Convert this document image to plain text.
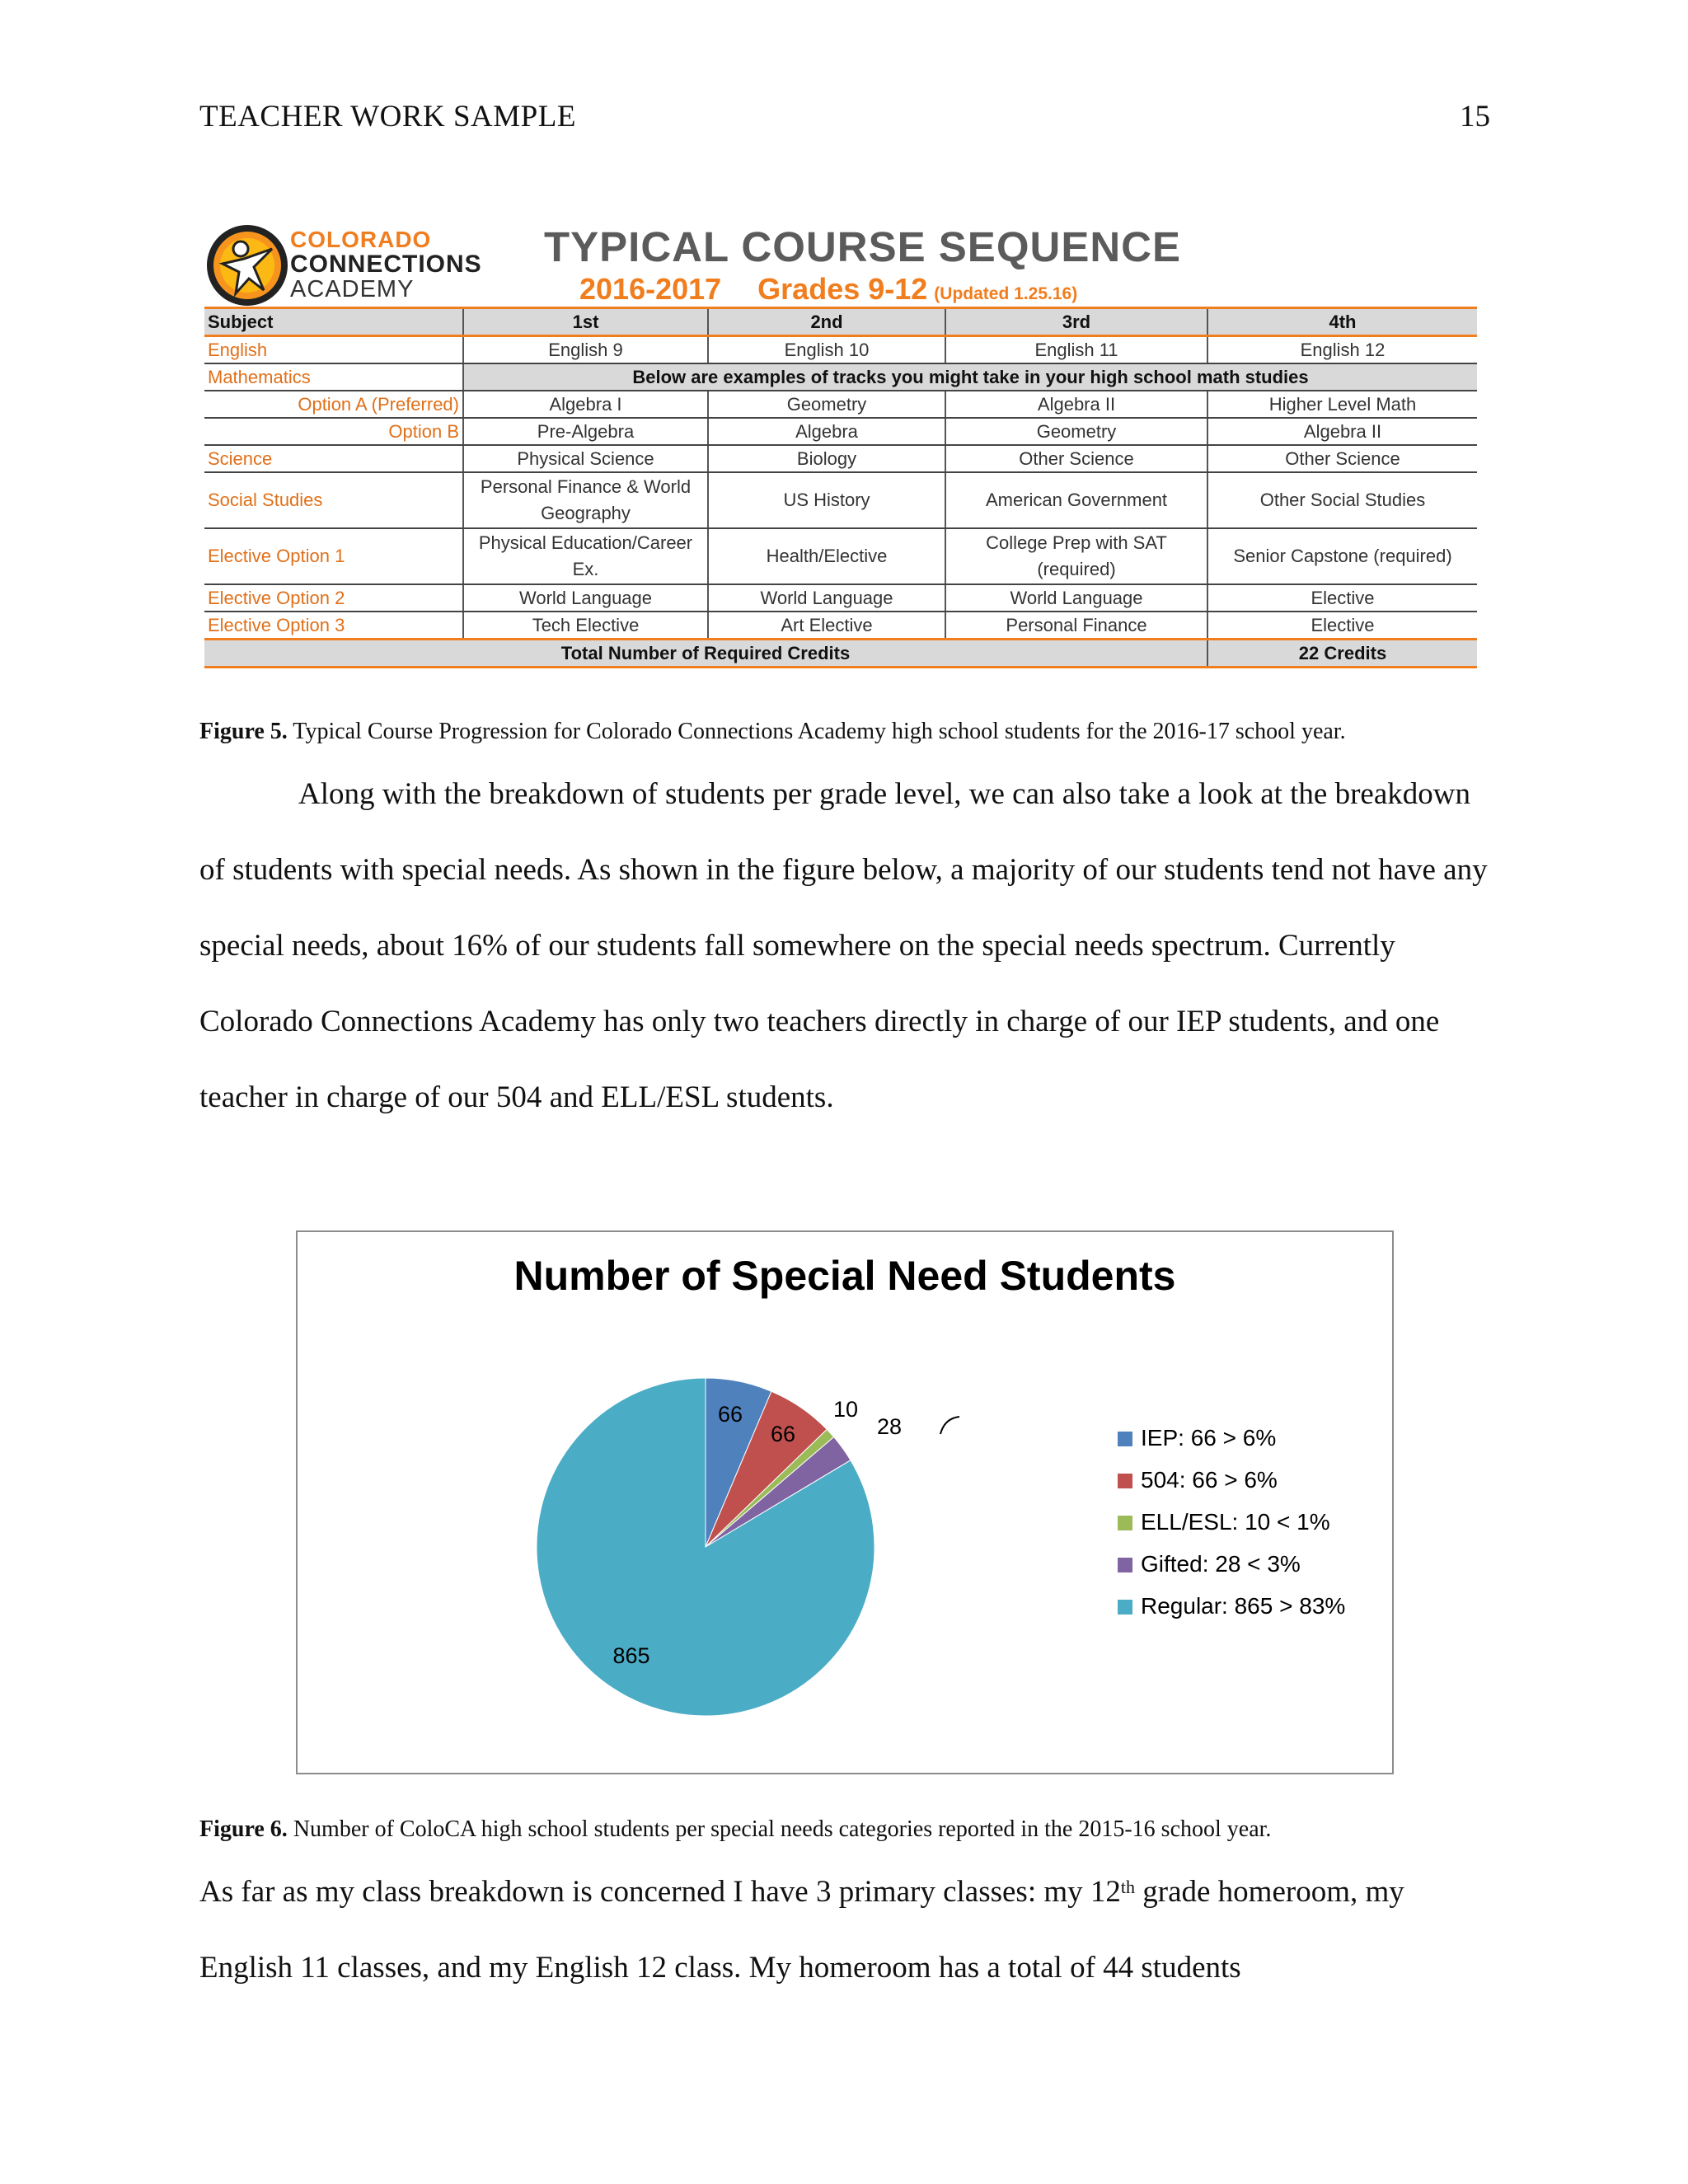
TEACHER WORK SAMPLE	15
COLORADO
CONNECTIONS
ACADEMY
TYPICAL COURSE SEQUENCE
2016-2017 Grades 9-12 (Updated 1.25.16)
Subject	1st	2nd	3rd	4th
English	English 9	English 10	English 11	English 12
Mathematics	Below are examples of tracks you might take in your high school math studies			
Option A (Preferred)	Algebra I	Geometry	Algebra II	Higher Level Math
Option B	Pre-Algebra	Algebra	Geometry	Algebra II
Science	Physical Science	Biology	Other Science	Other Science
Social Studies	Personal Finance & World Geography	US History	American Government	Other Social Studies
Elective Option 1	Physical Education/Career Ex.	Health/Elective	College Prep with SAT (required)	Senior Capstone (required)
Elective Option 2	World Language	World Language	World Language	Elective
Elective Option 3	Tech Elective	Art Elective	Personal Finance	Elective
Total Number of Required Credits				22 Credits
Figure 5. Typical Course Progression for Colorado Connections Academy high school students for the 2016-17 school year.
Along with the breakdown of students per grade level, we can also take a look at the breakdown of students with special needs. As shown in the figure below, a majority of our students tend not have any special needs, about 16% of our students fall somewhere on the special needs spectrum. Currently Colorado Connections Academy has only two teachers directly in charge of our IEP students, and one teacher in charge of our 504 and ELL/ESL students.
Number of Special Need Students
66
66
10
28
865
IEP: 66 > 6%
504: 66 > 6%
ELL/ESL: 10 < 1%
Gifted: 28 < 3%
Regular: 865 > 83%
Figure 6. Number of ColoCA high school students per special needs categories reported in the 2015-16 school year.
As far as my class breakdown is concerned I have 3 primary classes: my 12th grade homeroom, my English 11 classes, and my English 12 class. My homeroom has a total of 44 students
